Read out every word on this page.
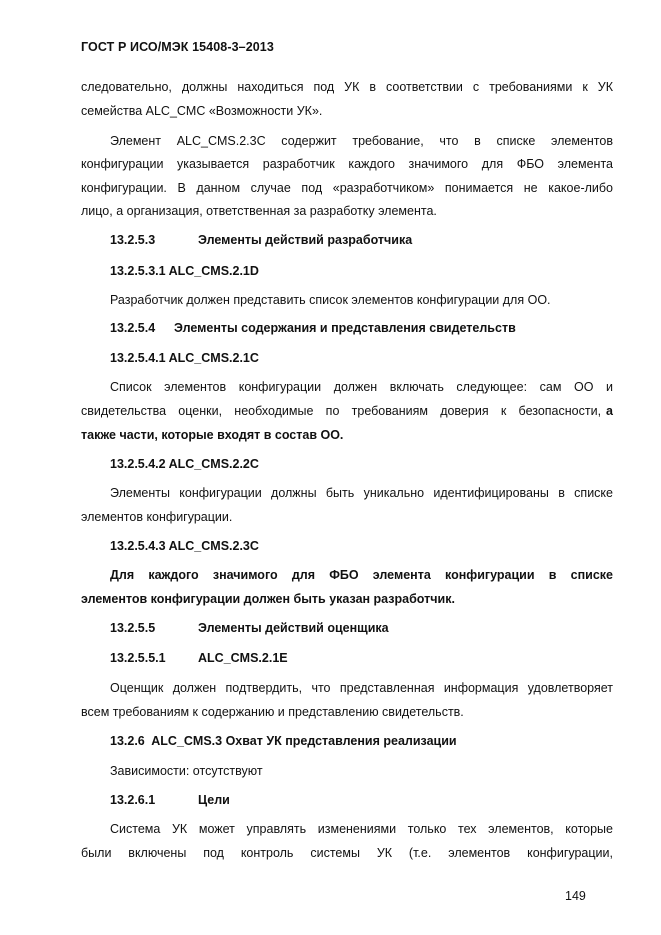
ГОСТ Р ИСО/МЭК 15408-3–2013
следовательно, должны находиться под УК в соответствии с требованиями к УК
семейства ALC_CMC «Возможности УК».
Элемент ALC_CMS.2.3C содержит требование, что в списке элементов
конфигурации указывается разработчик каждого значимого для ФБО элемента
конфигурации. В данном случае под «разработчиком» понимается не какое-либо
лицо, а организация, ответственная за разработку элемента.
13.2.5.3	Элементы действий разработчика
13.2.5.3.1 ALC_CMS.2.1D
Разработчик должен представить список элементов конфигурации для ОО.
13.2.5.4 Элементы содержания и представления свидетельств
13.2.5.4.1 ALC_CMS.2.1C
Список элементов конфигурации должен включать следующее: сам ОО и
свидетельства оценки, необходимые по требованиям доверия к безопасности, а
также части, которые входят в состав ОО.
13.2.5.4.2 ALC_CMS.2.2C
Элементы конфигурации должны быть уникально идентифицированы в списке
элементов конфигурации.
13.2.5.4.3 ALC_CMS.2.3C
Для каждого значимого для ФБО элемента конфигурации в списке
элементов конфигурации должен быть указан разработчик.
13.2.5.5	Элементы действий оценщика
13.2.5.5.1	ALC_CMS.2.1E
Оценщик должен подтвердить, что представленная информация удовлетворяет
всем требованиям к содержанию и представлению свидетельств.
13.2.6 ALC_CMS.3 Охват УК представления реализации
Зависимости: отсутствуют
13.2.6.1	Цели
Система УК может управлять изменениями только тех элементов, которые
были включены под контроль системы УК (т.е. элементов конфигурации,
149
